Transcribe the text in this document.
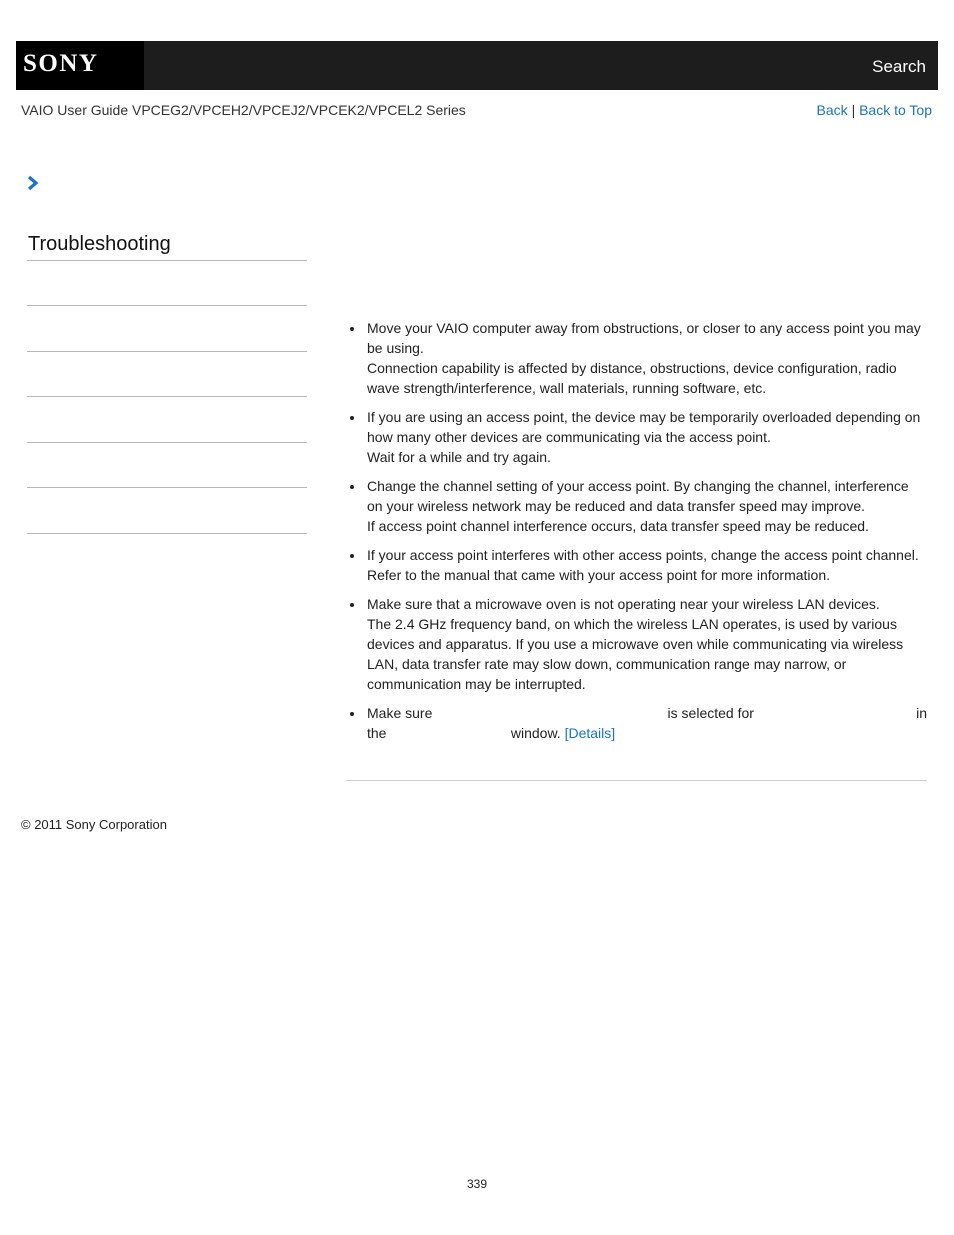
SONY	Search
VAIO User Guide VPCEG2/VPCEH2/VPCEJ2/VPCEK2/VPCEL2 Series	Back | Back to Top
Troubleshooting

Move your VAIO computer away from obstructions, or closer to any access point you may be using.

Connection capability is affected by distance, obstructions, device configuration, radio wave strength/interference, wall materials, running software, etc.

If you are using an access point, the device may be temporarily overloaded depending on how many other devices are communicating via the access point.

Wait for a while and try again.

Change the channel setting of your access point. By changing the channel, interference on your wireless network may be reduced and data transfer speed may improve.

If access point channel interference occurs, data transfer speed may be reduced.

If your access point interferes with other access points, change the access point channel. Refer to the manual that came with your access point for more information.

Make sure that a microwave oven is not operating near your wireless LAN devices.

The 2.4 GHz frequency band, on which the wireless LAN operates, is used by various devices and apparatus. If you use a microwave oven while communicating via wireless LAN, data transfer rate may slow down, communication range may narrow, or communication may be interrupted.

Make sure	is selected for	in
the	window. [Details]
© 2011 Sony Corporation
339
